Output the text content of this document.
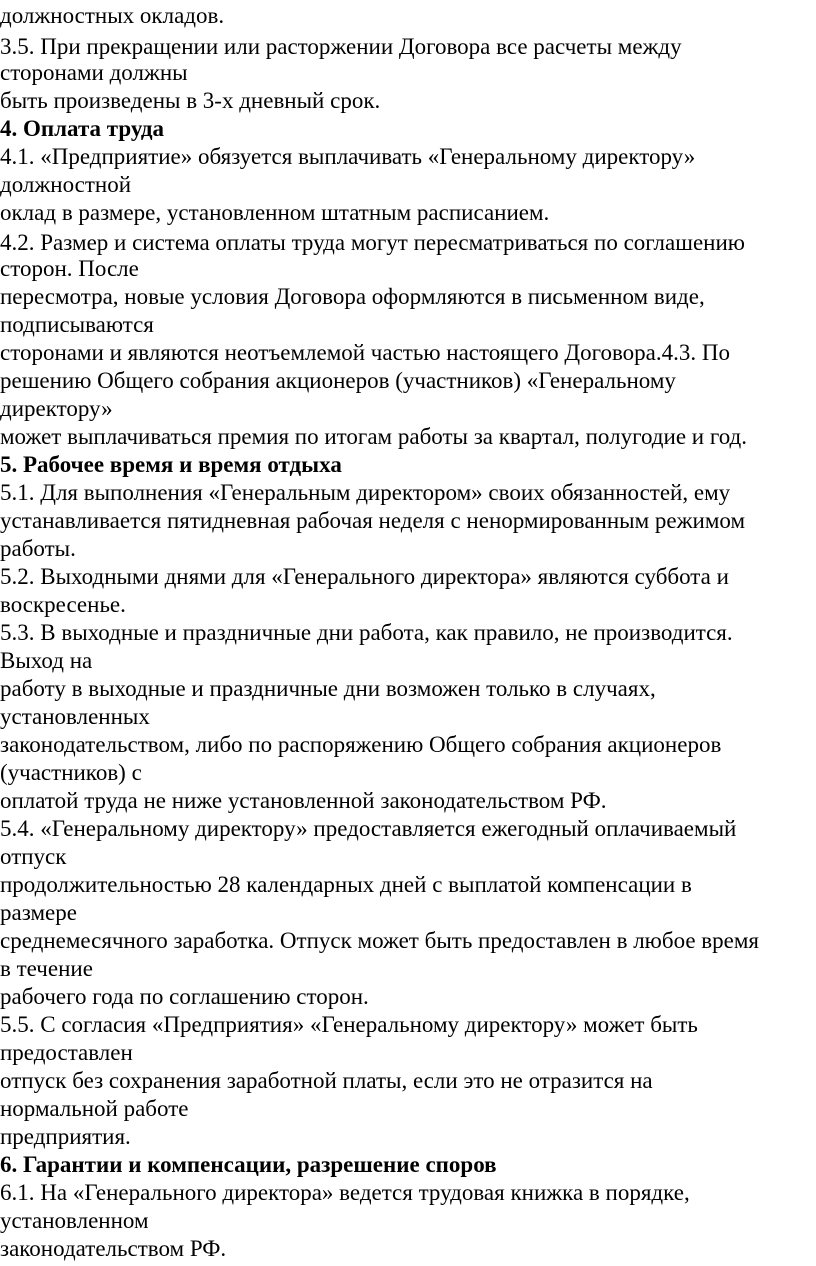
должностных окладов.
3.5. При прекращении или расторжении Договора все расчеты между
сторонами должны
быть произведены в 3-х дневный срок.
4. Оплата труда
4.1. «Предприятие» обязуется выплачивать «Генеральному директору»
должностной
оклад в размере, установленном штатным расписанием.
4.2. Размер и система оплаты труда могут пересматриваться по соглашению
сторон. После
пересмотра, новые условия Договора оформляются в письменном виде,
подписываются
сторонами и являются неотъемлемой частью настоящего Договора.4.3. По
решению Общего собрания акционеров (участников) «Генеральному
директору»
может выплачиваться премия по итогам работы за квартал, полугодие и год.
5. Рабочее время и время отдыха
5.1. Для выполнения «Генеральным директором» своих обязанностей, ему
устанавливается пятидневная рабочая неделя с ненормированным режимом
работы.
5.2. Выходными днями для «Генерального директора» являются суббота и
воскресенье.
5.3. В выходные и праздничные дни работа, как правило, не производится.
Выход на
работу в выходные и праздничные дни возможен только в случаях,
установленных
законодательством, либо по распоряжению Общего собрания акционеров
(участников) с
оплатой труда не ниже установленной законодательством РФ.
5.4. «Генеральному директору» предоставляется ежегодный оплачиваемый
отпуск
продолжительностью 28 календарных дней с выплатой компенсации в
размере
среднемесячного заработка. Отпуск может быть предоставлен в любое время
в течение
рабочего года по соглашению сторон.
5.5. С согласия «Предприятия» «Генеральному директору» может быть
предоставлен
отпуск без сохранения заработной платы, если это не отразится на
нормальной работе
предприятия.
6. Гарантии и компенсации, разрешение споров
6.1. На «Генерального директора» ведется трудовая книжка в порядке,
установленном
законодательством РФ.
